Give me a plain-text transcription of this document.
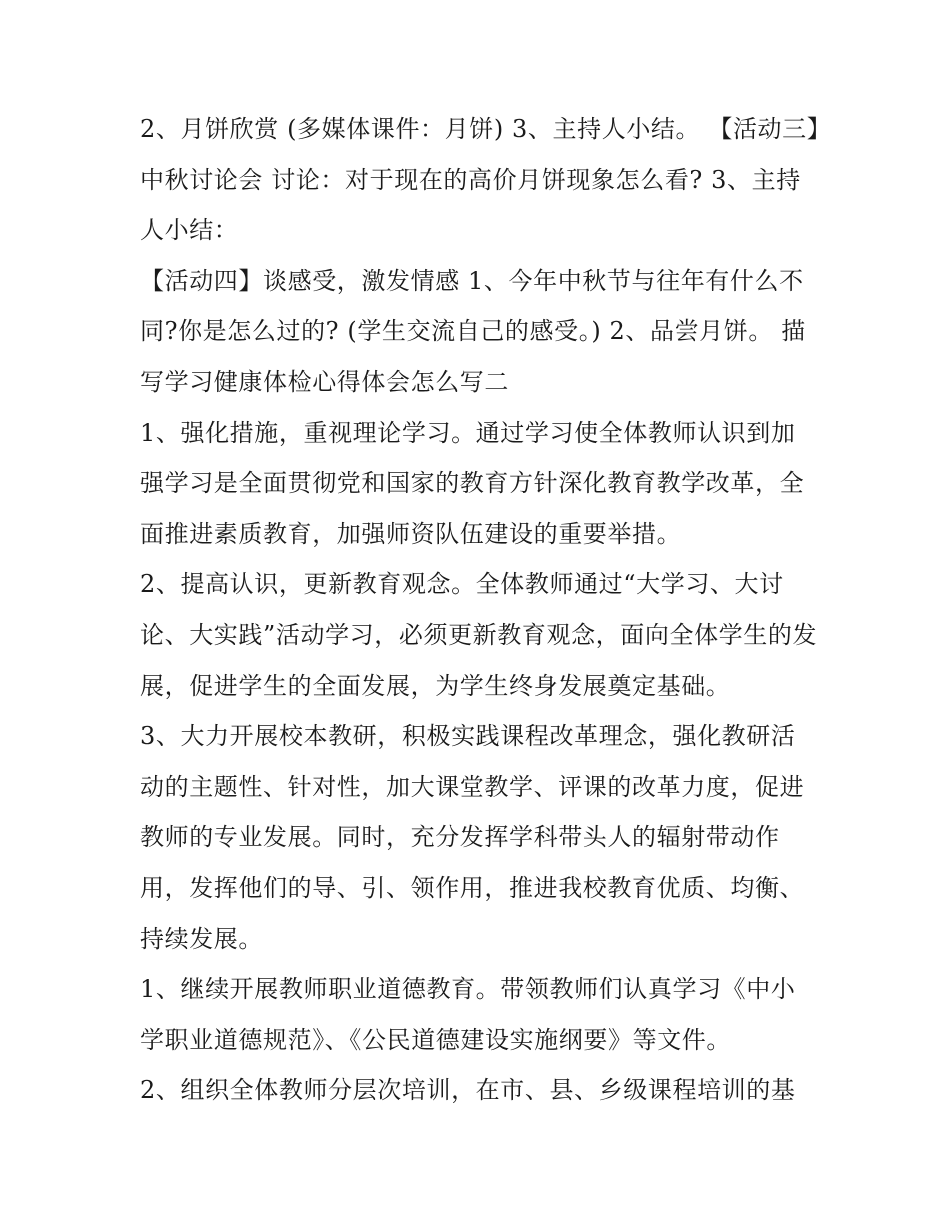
2、月饼欣赏 (多媒体课件：月饼) 3、主持人小结。 【活动三】中秋讨论会 讨论：对于现在的高价月饼现象怎么看? 3、主持人小结：

【活动四】谈感受，激发情感 1、今年中秋节与往年有什么不同?你是怎么过的? (学生交流自己的感受。) 2、品尝月饼。 描写学习健康体检心得体会怎么写二

1、强化措施，重视理论学习。通过学习使全体教师认识到加强学习是全面贯彻党和国家的教育方针深化教育教学改革，全面推进素质教育，加强师资队伍建设的重要举措。

2、提高认识，更新教育观念。全体教师通过“大学习、大讨论、大实践”活动学习，必须更新教育观念，面向全体学生的发展，促进学生的全面发展，为学生终身发展奠定基础。

3、大力开展校本教研，积极实践课程改革理念，强化教研活动的主题性、针对性，加大课堂教学、评课的改革力度，促进教师的专业发展。同时，充分发挥学科带头人的辐射带动作用，发挥他们的导、引、领作用，推进我校教育优质、均衡、持续发展。

1、继续开展教师职业道德教育。带领教师们认真学习《中小学职业道德规范》、《公民道德建设实施纲要》等文件。

2、组织全体教师分层次培训，在市、县、乡级课程培训的基
